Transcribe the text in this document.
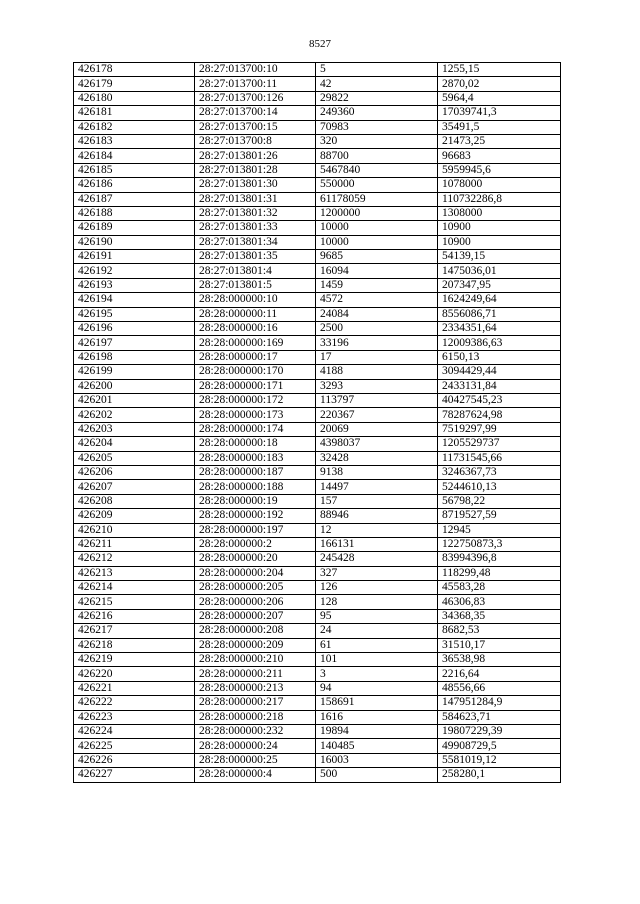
8527
426178	28:27:013700:10	5	1255,15
426179	28:27:013700:11	42	2870,02
426180	28:27:013700:126	29822	5964,4
426181	28:27:013700:14	249360	17039741,3
426182	28:27:013700:15	70983	35491,5
426183	28:27:013700:8	320	21473,25
426184	28:27:013801:26	88700	96683
426185	28:27:013801:28	5467840	5959945,6
426186	28:27:013801:30	550000	1078000
426187	28:27:013801:31	61178059	110732286,8
426188	28:27:013801:32	1200000	1308000
426189	28:27:013801:33	10000	10900
426190	28:27:013801:34	10000	10900
426191	28:27:013801:35	9685	54139,15
426192	28:27:013801:4	16094	1475036,01
426193	28:27:013801:5	1459	207347,95
426194	28:28:000000:10	4572	1624249,64
426195	28:28:000000:11	24084	8556086,71
426196	28:28:000000:16	2500	2334351,64
426197	28:28:000000:169	33196	12009386,63
426198	28:28:000000:17	17	6150,13
426199	28:28:000000:170	4188	3094429,44
426200	28:28:000000:171	3293	2433131,84
426201	28:28:000000:172	113797	40427545,23
426202	28:28:000000:173	220367	78287624,98
426203	28:28:000000:174	20069	7519297,99
426204	28:28:000000:18	4398037	1205529737
426205	28:28:000000:183	32428	11731545,66
426206	28:28:000000:187	9138	3246367,73
426207	28:28:000000:188	14497	5244610,13
426208	28:28:000000:19	157	56798,22
426209	28:28:000000:192	88946	8719527,59
426210	28:28:000000:197	12	12945
426211	28:28:000000:2	166131	122750873,3
426212	28:28:000000:20	245428	83994396,8
426213	28:28:000000:204	327	118299,48
426214	28:28:000000:205	126	45583,28
426215	28:28:000000:206	128	46306,83
426216	28:28:000000:207	95	34368,35
426217	28:28:000000:208	24	8682,53
426218	28:28:000000:209	61	31510,17
426219	28:28:000000:210	101	36538,98
426220	28:28:000000:211	3	2216,64
426221	28:28:000000:213	94	48556,66
426222	28:28:000000:217	158691	147951284,9
426223	28:28:000000:218	1616	584623,71
426224	28:28:000000:232	19894	19807229,39
426225	28:28:000000:24	140485	49908729,5
426226	28:28:000000:25	16003	5581019,12
426227	28:28:000000:4	500	258280,1
